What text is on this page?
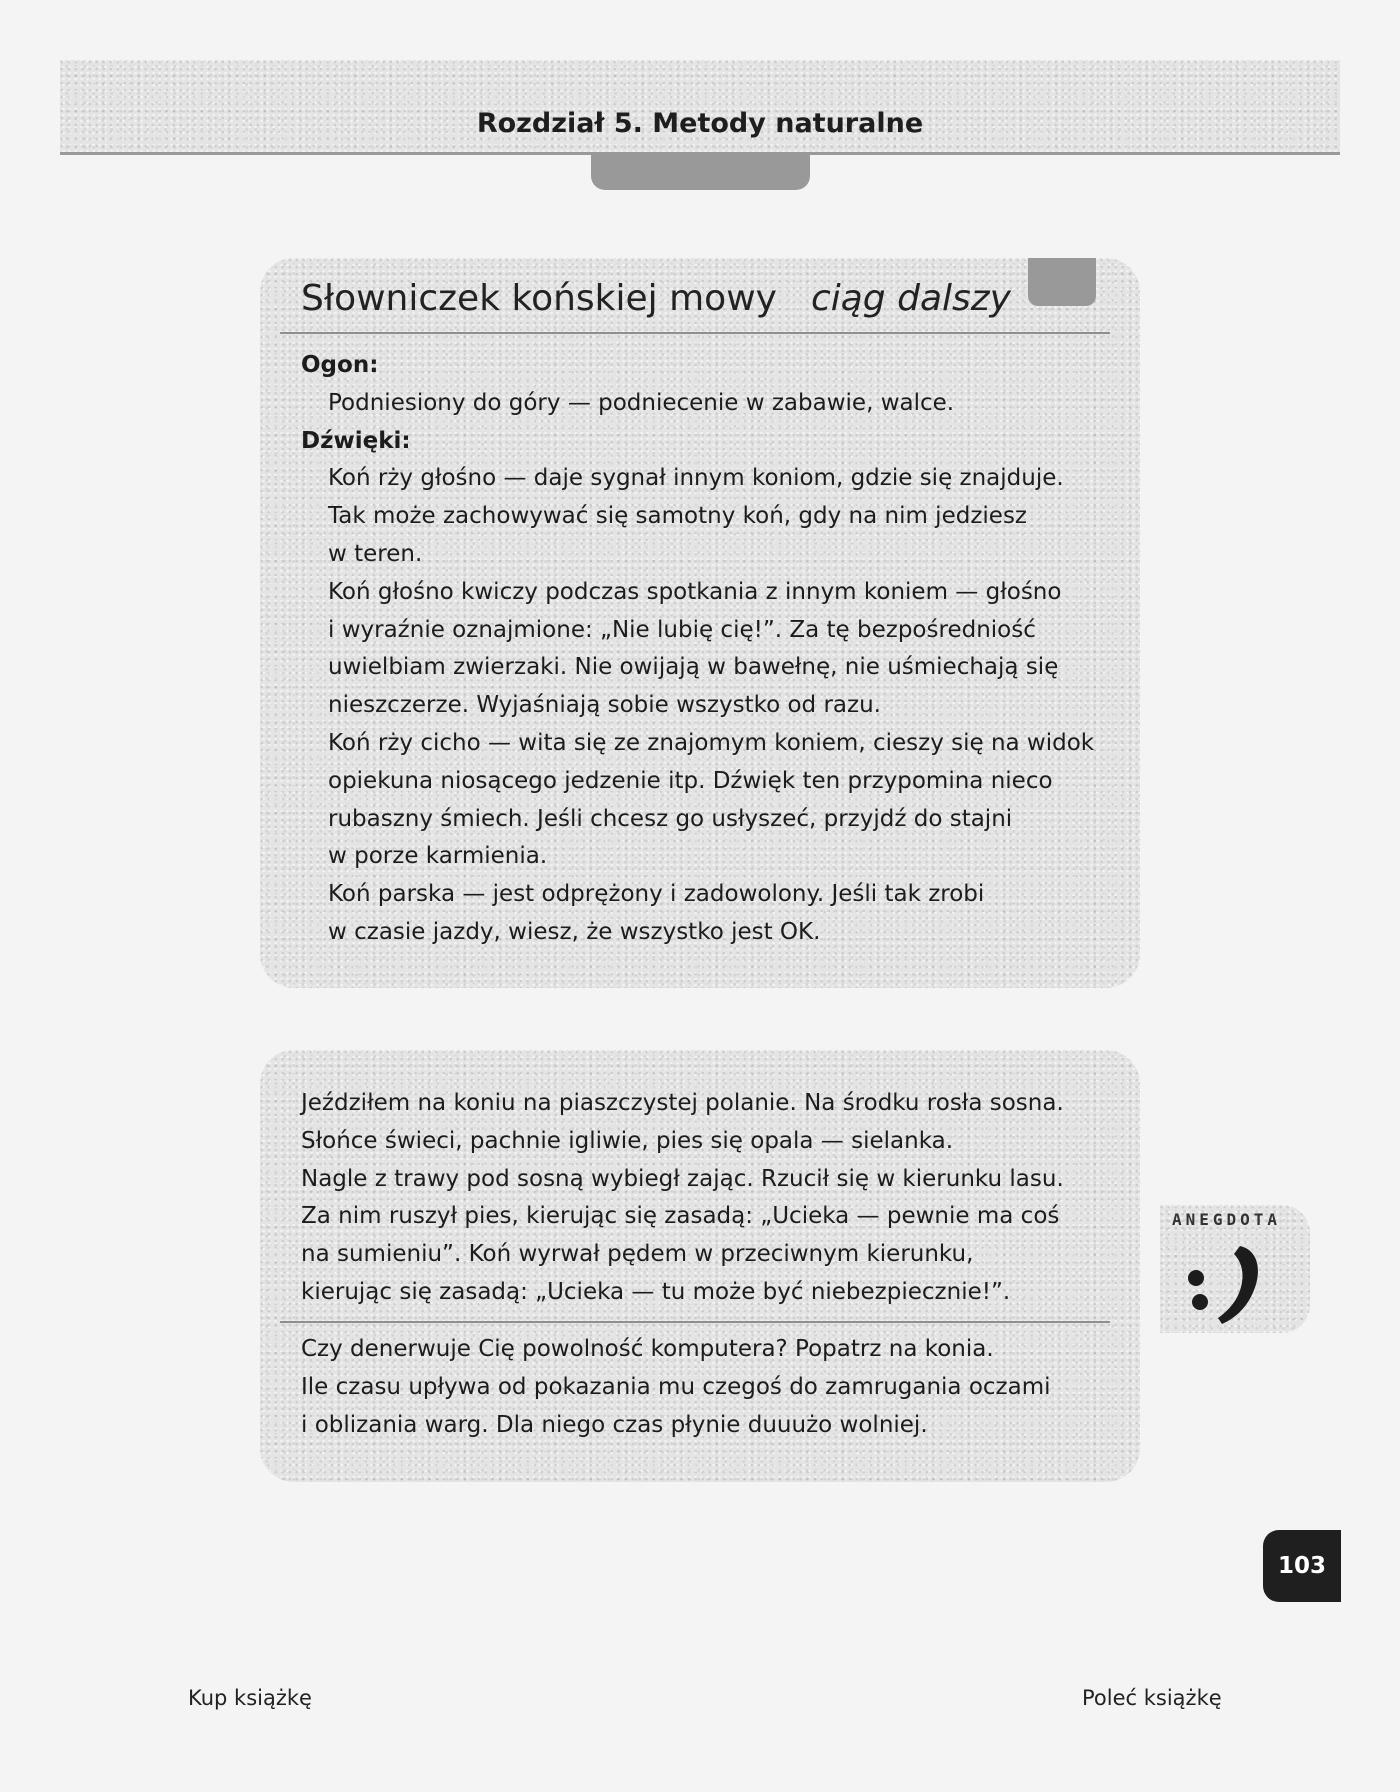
Rozdział 5. Metody naturalne
Słowniczek końskiej mowy ciąg dalszy
Ogon:
Podniesiony do góry — podniecenie w zabawie, walce.
Dźwięki:
Koń rży głośno — daje sygnał innym koniom, gdzie się znajduje.
Tak może zachowywać się samotny koń, gdy na nim jedziesz
w teren.
Koń głośno kwiczy podczas spotkania z innym koniem — głośno
i wyraźnie oznajmione: „Nie lubię cię!”. Za tę bezpośredniość
uwielbiam zwierzaki. Nie owijają w bawełnę, nie uśmiechają się
nieszczerze. Wyjaśniają sobie wszystko od razu.
Koń rży cicho — wita się ze znajomym koniem, cieszy się na widok
opiekuna niosącego jedzenie itp. Dźwięk ten przypomina nieco
rubaszny śmiech. Jeśli chcesz go usłyszeć, przyjdź do stajni
w porze karmienia.
Koń parska — jest odprężony i zadowolony. Jeśli tak zrobi
w czasie jazdy, wiesz, że wszystko jest OK.
Jeździłem na koniu na piaszczystej polanie. Na środku rosła sosna.
Słońce świeci, pachnie igliwie, pies się opala — sielanka.
Nagle z trawy pod sosną wybiegł zając. Rzucił się w kierunku lasu.
Za nim ruszył pies, kierując się zasadą: „Ucieka — pewnie ma coś
na sumieniu”. Koń wyrwał pędem w przeciwnym kierunku,
kierując się zasadą: „Ucieka — tu może być niebezpiecznie!”.
Czy denerwuje Cię powolność komputera? Popatrz na konia.
Ile czasu upływa od pokazania mu czegoś do zamrugania oczami
i oblizania warg. Dla niego czas płynie duuużo wolniej.
ANEGDOTA
103
Kup książkę	Poleć książkę
